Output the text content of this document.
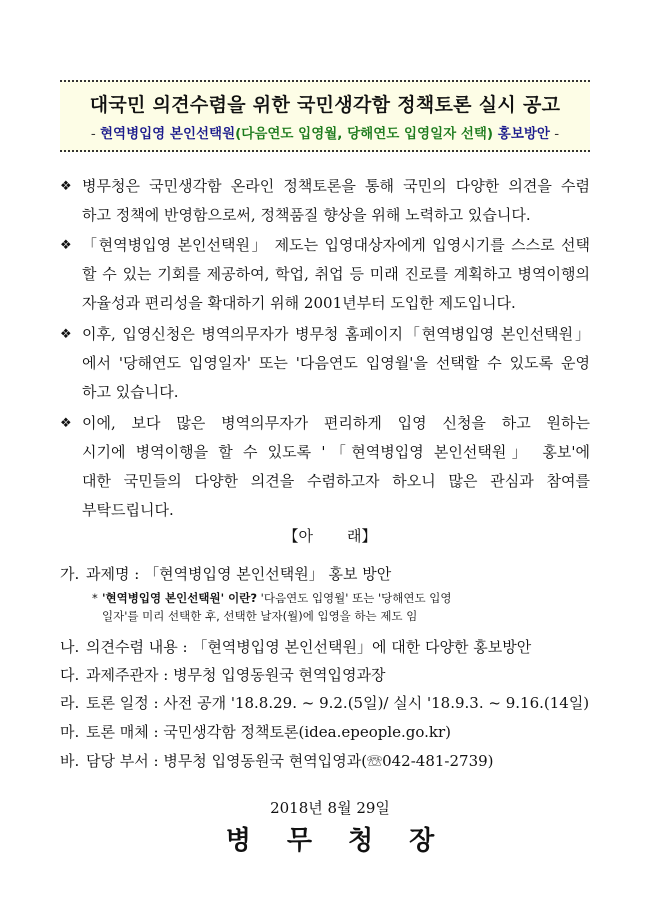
대국민 의견수렴을 위한 국민생각함 정책토론 실시 공고
- 현역병입영 본인선택원(다음연도 입영월, 당해연도 입영일자 선택) 홍보방안 -
❖ 병무청은 국민생각함 온라인 정책토론을 통해 국민의 다양한 의견을 수렴
하고 정책에 반영함으로써, 정책품질 향상을 위해 노력하고 있습니다.
❖ 「현역병입영 본인선택원」 제도는 입영대상자에게 입영시기를 스스로 선택
할 수 있는 기회를 제공하여, 학업, 취업 등 미래 진로를 계획하고 병역이행의
자율성과 편리성을 확대하기 위해 2001년부터 도입한 제도입니다.
❖ 이후, 입영신청은 병역의무자가 병무청 홈페이지「현역병입영 본인선택원」
에서 '당해연도 입영일자' 또는 '다음연도 입영월'을 선택할 수 있도록 운영
하고 있습니다.
❖ 이에, 보다 많은 병역의무자가 편리하게 입영 신청을 하고 원하는
시기에 병역이행을 할 수 있도록 '「현역병입영 본인선택원」 홍보'에
대한 국민들의 다양한 의견을 수렴하고자 하오니 많은 관심과 참여를
부탁드립니다.
【아 래】
가. 과제명 : 「현역병입영 본인선택원」 홍보 방안
* '현역병입영 본인선택원' 이란? '다음연도 입영월' 또는 '당해연도 입영
일자'를 미리 선택한 후, 선택한 날자(월)에 입영을 하는 제도 임
나. 의견수렴 내용 : 「현역병입영 본인선택원」에 대한 다양한 홍보방안
다. 과제주관자 : 병무청 입영동원국 현역입영과장
라. 토론 일정 : 사전 공개 '18.8.29. ~ 9.2.(5일)/ 실시 '18.9.3. ~ 9.16.(14일)
마. 토론 매체 : 국민생각함 정책토론(idea.epeople.go.kr)
바. 담당 부서 : 병무청 입영동원국 현역입영과(☏042-481-2739)
2018년 8월 29일
병 무 청 장
